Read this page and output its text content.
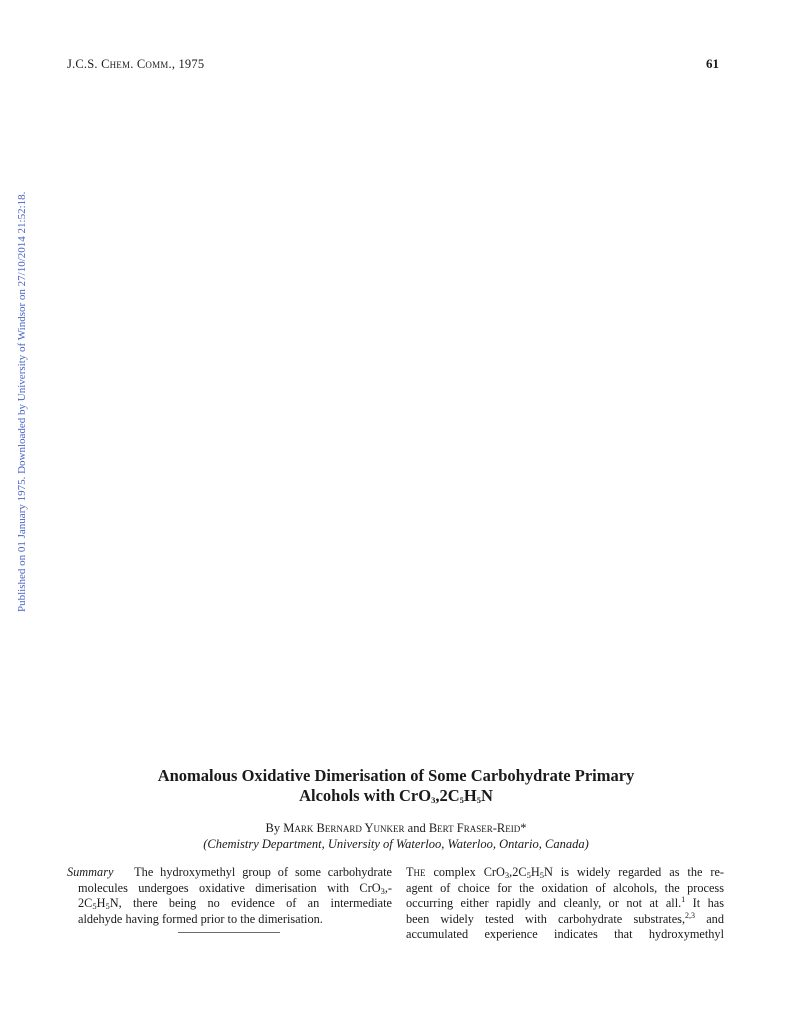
J.C.S. Chem. Comm., 1975	61
Published on 01 January 1975. Downloaded by University of Windsor on 27/10/2014 21:52:18.
Anomalous Oxidative Dimerisation of Some Carbohydrate Primary
Alcohols with $CrO_3,2C_5H_5N$
By Mark Bernard Yunker and Bert Fraser-Reid*
(Chemistry Department, University of Waterloo, Waterloo, Ontario, Canada)
Summary The hydroxymethyl group of some carbohydrate
molecules undergoes oxidative dimerisation with CrO$_3$,-
$2C_5H_5N$, there being no evidence of an intermediate
aldehyde having formed prior to the dimerisation.
The complex $CrO_3,2C_5H_5N$ is widely regarded as the re-
agent of choice for the oxidation of alcohols, the process
occurring either rapidly and cleanly, or not at all.$^1$ It has
been widely tested with carbohydrate substrates,$^{2,3}$ and
accumulated experience indicates that hydroxymethyl
